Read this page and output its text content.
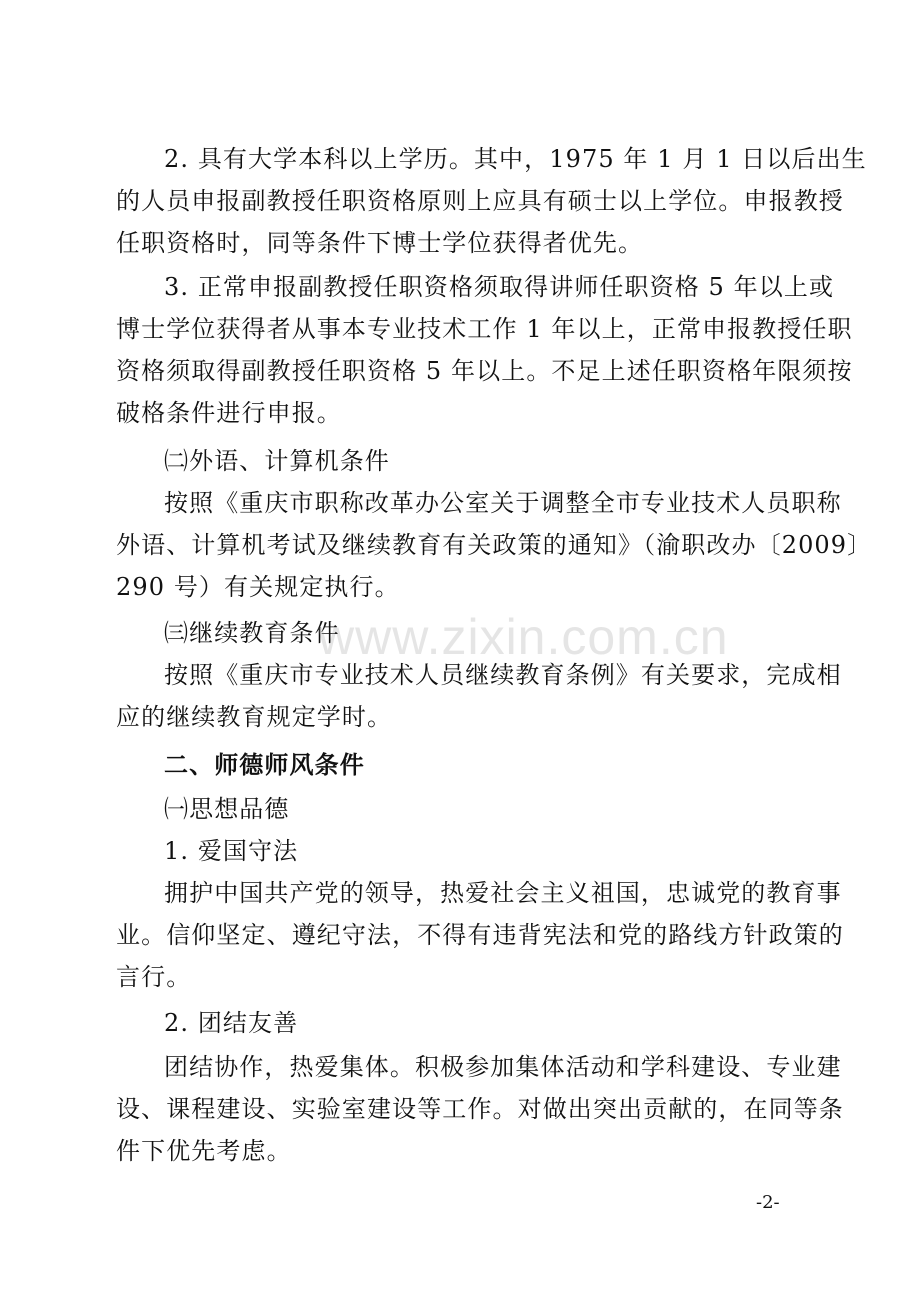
2. 具有大学本科以上学历。其中，1975 年 1 月 1 日以后出生
的人员申报副教授任职资格原则上应具有硕士以上学位。申报教授
任职资格时，同等条件下博士学位获得者优先。
3. 正常申报副教授任职资格须取得讲师任职资格 5 年以上或
博士学位获得者从事本专业技术工作 1 年以上，正常申报教授任职
资格须取得副教授任职资格 5 年以上。不足上述任职资格年限须按
破格条件进行申报。
㈡外语、计算机条件
按照《重庆市职称改革办公室关于调整全市专业技术人员职称
外语、计算机考试及继续教育有关政策的通知》（渝职改办〔2009〕
290 号）有关规定执行。
㈢继续教育条件
按照《重庆市专业技术人员继续教育条例》有关要求，完成相
应的继续教育规定学时。
二、师德师风条件
㈠思想品德
1. 爱国守法
拥护中国共产党的领导，热爱社会主义祖国，忠诚党的教育事
业。信仰坚定、遵纪守法，不得有违背宪法和党的路线方针政策的
言行。
2. 团结友善
团结协作，热爱集体。积极参加集体活动和学科建设、专业建
设、课程建设、实验室建设等工作。对做出突出贡献的，在同等条
件下优先考虑。
www.zixin.com.cn
-2-
